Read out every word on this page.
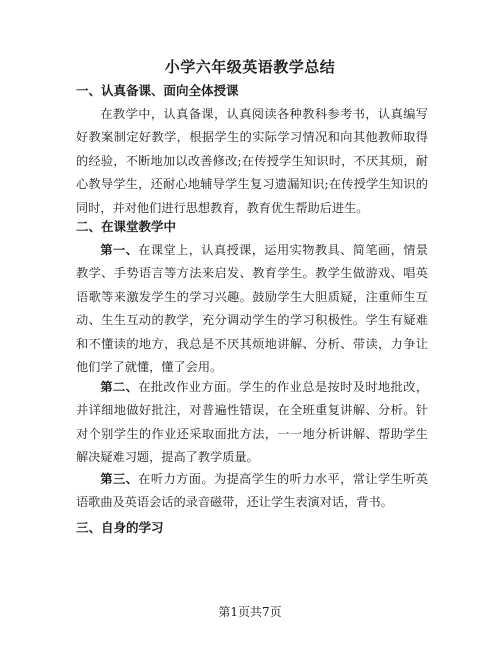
小学六年级英语教学总结
一、认真备课、面向全体授课
在教学中，认真备课，认真阅读各种教科参考书，认真编写好教案制定好教学，根据学生的实际学习情况和向其他教师取得的经验，不断地加以改善修改;在传授学生知识时，不厌其烦，耐心教导学生，还耐心地辅导学生复习遗漏知识;在传授学生知识的同时，并对他们进行思想教育，教育优生帮助后进生。
二、在课堂教学中
第一、在课堂上，认真授课，运用实物教具、简笔画，情景教学、手势语言等方法来启发、教育学生。教学生做游戏、唱英语歌等来激发学生的学习兴趣。鼓励学生大胆质疑，注重师生互动、生生互动的教学，充分调动学生的学习积极性。学生有疑难和不懂读的地方，我总是不厌其烦地讲解、分析、带读，力争让他们学了就懂，懂了会用。
第二、在批改作业方面。学生的作业总是按时及时地批改，并详细地做好批注，对普遍性错误，在全班重复讲解、分析。针对个别学生的作业还采取面批方法，一一地分析讲解、帮助学生解决疑难习题，提高了教学质量。
第三、在听力方面。为提高学生的听力水平，常让学生听英语歌曲及英语会话的录音磁带，还让学生表演对话，背书。
三、自身的学习
第1页共7页
